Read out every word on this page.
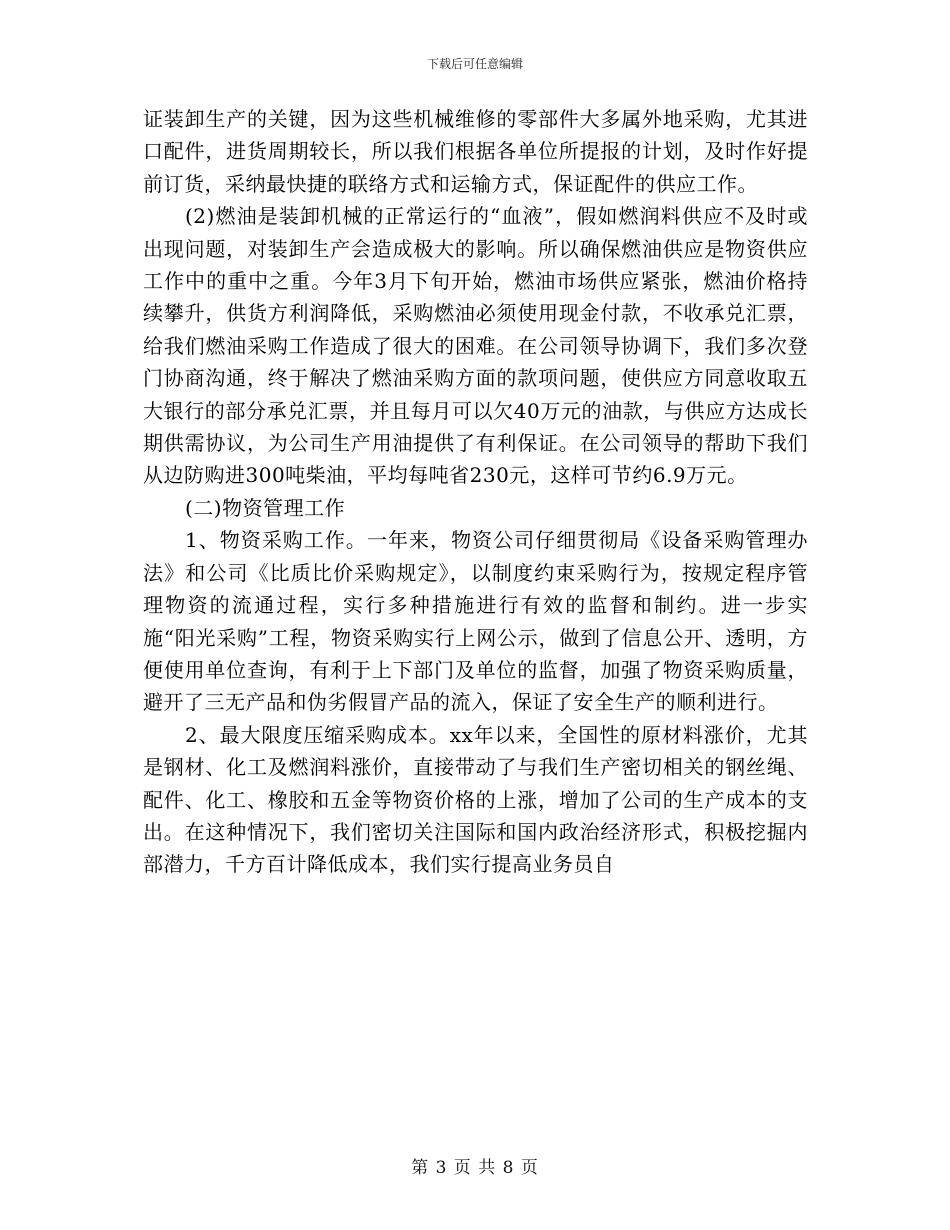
下载后可任意编辑

证装卸生产的关键，因为这些机械维修的零部件大多属外地采购，尤其进口配件，进货周期较长，所以我们根据各单位所提报的计划，及时作好提前订货，采纳最快捷的联络方式和运输方式，保证配件的供应工作。

(2)燃油是装卸机械的正常运行的“血液”，假如燃润料供应不及时或出现问题，对装卸生产会造成极大的影响。所以确保燃油供应是物资供应工作中的重中之重。今年3月下旬开始，燃油市场供应紧张，燃油价格持续攀升，供货方利润降低，采购燃油必须使用现金付款，不收承兑汇票，给我们燃油采购工作造成了很大的困难。在公司领导协调下，我们多次登门协商沟通，终于解决了燃油采购方面的款项问题，使供应方同意收取五大银行的部分承兑汇票，并且每月可以欠40万元的油款，与供应方达成长期供需协议，为公司生产用油提供了有利保证。在公司领导的帮助下我们从边防购进300吨柴油，平均每吨省230元，这样可节约6.9万元。

(二)物资管理工作

1、物资采购工作。一年来，物资公司仔细贯彻局《设备采购管理办法》和公司《比质比价采购规定》，以制度约束采购行为，按规定程序管理物资的流通过程，实行多种措施进行有效的监督和制约。进一步实施“阳光采购”工程，物资采购实行上网公示，做到了信息公开、透明，方便使用单位查询，有利于上下部门及单位的监督，加强了物资采购质量，避开了三无产品和伪劣假冒产品的流入，保证了安全生产的顺利进行。

2、最大限度压缩采购成本。xx年以来，全国性的原材料涨价，尤其是钢材、化工及燃润料涨价，直接带动了与我们生产密切相关的钢丝绳、配件、化工、橡胶和五金等物资价格的上涨，增加了公司的生产成本的支出。在这种情况下，我们密切关注国际和国内政治经济形式，积极挖掘内部潜力，千方百计降低成本，我们实行提高业务员自

第 3 页 共 8 页
